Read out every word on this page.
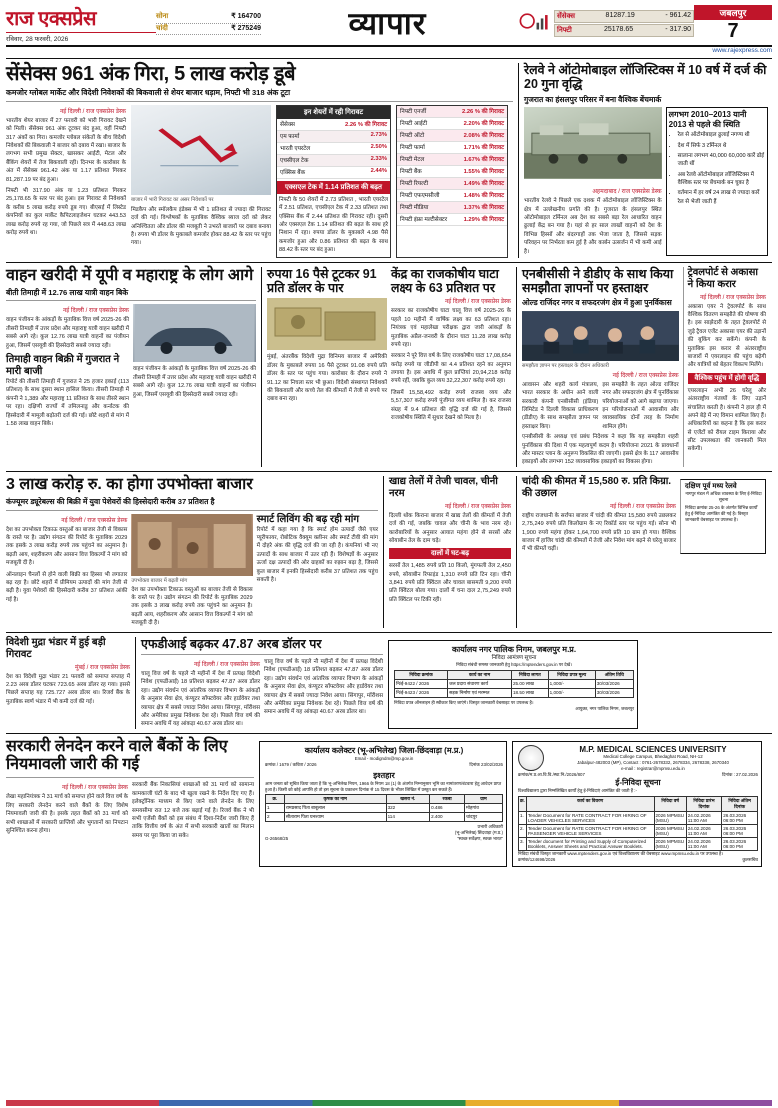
राज एक्सप्रेस
रविवार, 28 फरवरी, 2026
सोना	₹ 164700
चांदी	₹ 275249	व्यापार	सेंसेक्स	81287.19	- 961.42
निफ्टी	25178.65	- 317.90
जबलपुर
7
www.rajexpress.com
सेंसेक्स 961 अंक गिरा, 5 लाख करोड़ डूबे
कमजोर ग्लोबल मार्केट और विदेशी निवेशकों की बिकवाली से शेयर बाजार धड़ाम, निफ्टी भी 318 अंक टूटा
नई दिल्ली / राज एक्सप्रेस डेस्क
भारतीय शेयर बाजार में 27 फरवरी को भारी गिरावट देखने को मिली। सेंसेक्स 961 अंक टूटकर बंद हुआ, वहीं निफ्टी 317 अंकों का गिरा। कमजोर ग्लोबल संकेतों के बीच विदेशी निवेशकों की बिकवाली ने बाजार को दबाव में रखा। बाजार के लगभग सभी प्रमुख सेक्टर, खासकर आईटी, मेटल और बैंकिंग शेयरों में तेज बिकवाली रही। दिनभर के कारोबार के अंत में सेंसेक्स 961.42 अंक या 1.17 प्रतिशत गिरकर 81,287.19 पर बंद हुआ।
निफ्टी भी 317.90 अंक या 1.23 प्रतिशत गिरकर 25,178.65 के स्तर पर बंद हुआ। इस गिरावट से निवेशकों के करीब 5 लाख करोड़ रुपये डूब गए। बीएसई में लिस्टेड कंपनियों का कुल मार्केट कैपिटलाइजेशन घटकर 443.53 लाख करोड़ रुपये रह गया, जो पिछले सत्र में 448.63 लाख करोड़ रुपये था।
बाजार में भारी गिरावट का असर निवेशकों पर
मिडकैप और स्मॉलकैप इंडेक्स में भी 1 प्रतिशत से ज्यादा की गिरावट दर्ज की गई। विश्लेषकों के मुताबिक वैश्विक ब्याज दरों को लेकर अनिश्चितता और डॉलर की मजबूती ने उभरते बाजारों पर दबाव बनाया है। रुपया भी डॉलर के मुकाबले कमजोर होकर 88.42 के स्तर पर पहुंच गया।
इन शेयरों में रही गिरावट
सेंसेक्स	2.26 % की गिरावट
एम फार्मा	2.73%
भारती एयरटेल	2.50%
एचसीएल टेक	2.33%
एक्सिस बैंक	2.44%
एक्सएल टेक में 1.14 प्रतिशत की बढ़त
निफ्टी के 50 शेयरों में 2.73 प्रतिशत , भारती एयरटेल में 2.51 प्रतिशत, एचसीएल टेक में 2.33 प्रतिशत तथा एक्सिस बैंक में 2.44 प्रतिशत की गिरावट रही। दूसरी ओर एक्सएल टेक 1.14 प्रतिशत की बढ़त के साथ हरे निशान में रहा। रुपया डॉलर के मुकाबले 4.98 पैसे कमजोर हुआ और 0.86 प्रतिशत की बढ़त के साथ 88.42 के स्तर पर बंद हुआ।
निफ्टी एनर्जी	2.26 % की गिरावट
निफ्टी आईटी	2.20% की गिरावट
निफ्टी ऑटो	2.08% की गिरावट
निफ्टी फार्मा	1.71% की गिरावट
निफ्टी मेटल	1.67% की गिरावट
निफ्टी बैंक	1.55% की गिरावट
निफ्टी रियल्टी	1.49% की गिरावट
निफ्टी एफएमसीजी	1.48% की गिरावट
निफ्टी मीडिया	1.37% की गिरावट
निफ्टी इंफ्रा मल्टीसेक्टर	1.29% की गिरावट
रेलवे ने ऑटोमोबाइल लॉजिस्टिक्स में 10 वर्ष में दर्ज की 20 गुना वृद्धि
गुजरात का हंसलपुर परिसर में बना वैश्विक बेंचमार्क

अहमदाबाद / राज एक्सप्रेस डेस्क
भारतीय रेलवे ने पिछले एक दशक में ऑटोमोबाइल लॉजिस्टिक्स के क्षेत्र में उल्लेखनीय प्रगति की है। गुजरात के हंसलपुर स्थित ऑटोमोबाइल टर्मिनल अब देश का सबसे बड़ा रेल आधारित वाहन ढुलाई केंद्र बन गया है। यहां से हर साल लाखों वाहनों को देश के विभिन्न हिस्सों और बंदरगाहों तक भेजा जाता है, जिससे सड़क परिवहन पर निर्भरता कम हुई है और कार्बन उत्सर्जन में भी कमी आई है।
लगभग 2010–2013 यानी 2013 से पहले की स्थिति
• रेल से ऑटोमोबाइल ढुलाई नगण्य थी
• देश में सिर्फ 3 टर्मिनल थे
• सालाना लगभग 40,000 60,000 कारें ढोई जाती थीं
• अब रेलवे ऑटोमोबाइल लॉजिस्टिक्स में वैश्विक स्तर पर बेंचमार्क बन चुका है
• वर्तमान में हर वर्ष 24 लाख से ज्यादा कारें रेल से भेजी जाती हैं
वाहन खरीदी में यूपी व महाराष्ट्र के लोग आगे
बीती तिमाही में 12.76 लाख यात्री वाहन बिके
नई दिल्ली / राज एक्सप्रेस डेस्क
वाहन पंजीयन के आंकड़ों के मुताबिक वित्त वर्ष 2025-26 की तीसरी तिमाही में उत्तर प्रदेश और महाराष्ट्र यात्री वाहन खरीदी में सबसे आगे रहे। कुल 12.76 लाख यात्री वाहनों का पंजीयन हुआ, जिसमें एसयूवी की हिस्सेदारी सबसे ज्यादा रही।
तिमाही वाहन बिक्री में गुजरात ने मारी बाजी
रिपोर्ट की तीसरी तिमाही में गुजरात ने 25 हजार इकाई (113 प्रतिशत) के साथ दूसरा स्थान हासिल किया। तीसरी तिमाही में कंपनी ने 1,389 और महाराष्ट्र 11 प्रतिशत के साथ तीसरे स्थान पर रहा। दक्षिणी राज्यों में तमिलनाडु और कर्नाटक की हिस्सेदारी में मामूली बढ़ोतरी दर्ज की गई। छोटे शहरों से मांग में 1.58 लाख वाहन बिके।
वाहन पंजीयन के आंकड़ों के मुताबिक वित्त वर्ष 2025-26 की तीसरी तिमाही में उत्तर प्रदेश और महाराष्ट्र यात्री वाहन खरीदी में सबसे आगे रहे। कुल 12.76 लाख यात्री वाहनों का पंजीयन हुआ, जिसमें एसयूवी की हिस्सेदारी सबसे ज्यादा रही।
रुपया 16 पैसे टूटकर 91 प्रति डॉलर के पार
मुंबई, अंतरबैंक विदेशी मुद्रा विनिमय बाजार में अमेरिकी डॉलर के मुकाबले रुपया 16 पैसे टूटकर 91.08 रुपये प्रति डॉलर के स्तर पर पहुंच गया। कारोबार के दौरान रुपये ने 91.12 का निचला स्तर भी छुआ। विदेशी संस्थागत निवेशकों की बिकवाली और कच्चे तेल की कीमतों में तेजी से रुपये पर दबाव बना रहा।
केंद्र का राजकोषीय घाटा लक्ष्य के 63 प्रतिशत पर
नई दिल्ली / राज एक्सप्रेस डेस्क
सरकार का राजकोषीय घाटा चालू वित्त वर्ष 2025-26 के पहले 10 महीनों में वार्षिक लक्ष्य का 63 प्रतिशत रहा। नियंत्रक एवं महालेखा परीक्षक द्वारा जारी आंकड़ों के मुताबिक अप्रैल-जनवरी के दौरान घाटा 11.28 लाख करोड़ रुपये रहा।
सरकार ने पूरे वित्त वर्ष के लिए राजकोषीय घाटा 17,08,654 करोड़ रुपये या जीडीपी का 4.4 प्रतिशत रहने का अनुमान लगाया है। इस अवधि में कुल प्राप्तियां 20,94,218 करोड़ रुपये रहीं, जबकि कुल व्यय 32,22,307 करोड़ रुपये रहा।
जिसमें 15,58,492 करोड़ रुपये राजस्व व्यय और 5,57,307 करोड़ रुपये पूंजीगत व्यय शामिल है। कर राजस्व संग्रह में 9.4 प्रतिशत की वृद्धि दर्ज की गई है, जिससे राजकोषीय स्थिति में सुधार देखने को मिला है।
एनबीसीसी ने डीडीए के साथ किया समझौता ज्ञापनों पर हस्ताक्षर
ओल्ड राजिंदर नगर व सफदरजंग क्षेत्र में हुआ पुनर्विकास
समझौता ज्ञापन पर हस्ताक्षर के दौरान अधिकारी
नई दिल्ली / राज एक्सप्रेस डेस्क
आवासन और शहरी कार्य मंत्रालय, भारत सरकार के अधीन आने वाली सरकारी कंपनी एनबीसीसी (इंडिया) लिमिटेड ने दिल्ली विकास प्राधिकरण (डीडीए) के साथ समझौता ज्ञापन पर हस्ताक्षर किए।
इस समझौते के तहत ओल्ड राजिंदर नगर और सफदरजंग क्षेत्र में पुनर्विकास परियोजनाओं को आगे बढ़ाया जाएगा। इन परियोजनाओं में आवासीय और व्यावसायिक दोनों तरह के निर्माण शामिल होंगे।
एनबीसीसी के अध्यक्ष एवं प्रबंध निदेशक ने कहा कि यह समझौता शहरी पुनर्विकास की दिशा में एक महत्वपूर्ण कदम है। परियोजना 2021 के प्रावधानों और मास्टर प्लान के अनुरूप विकसित की जाएगी। इससे क्षेत्र के 117 आवासीय इकाइयों और लगभग 152 व्यावसायिक इकाइयों का विकास होगा।
ट्रेवलपोर्ट से अकासा ने किया करार
नई दिल्ली / राज एक्सप्रेस डेस्क
अकासा एयर ने ट्रेवलपोर्ट के साथ वैश्विक वितरण समझौते की घोषणा की है। इस साझेदारी के तहत ट्रेवलपोर्ट से जुड़े ट्रैवल एजेंट अकासा एयर की उड़ानों की बुकिंग कर सकेंगे। कंपनी के मुताबिक इस करार से अंतरराष्ट्रीय बाजारों में एयरलाइन की पहुंच बढ़ेगी और यात्रियों को बेहतर विकल्प मिलेंगे।
वैश्विक पहुंच में होगी वृद्धि
एयरलाइन अभी 26 घरेलू और अंतरराष्ट्रीय गंतव्यों के लिए उड़ानें संचालित करती है। कंपनी ने हाल ही में अपने बेड़े में नए विमान शामिल किए हैं। अधिकारियों का कहना है कि इस करार से एजेंटों को रीयल टाइम किराया और सीट उपलब्धता की जानकारी मिल सकेगी।
3 लाख करोड़ रु. का होगा उपभोक्ता बाजार
कंज्यूमर ड्यूरेबल्स की बिक्री में युवा पेशेवरों की हिस्सेदारी करीब 37 प्रतिशत है
नई दिल्ली / राज एक्सप्रेस डेस्क
देश का उपभोक्ता टिकाऊ वस्तुओं का बाजार तेजी से विकास के रास्ते पर है। उद्योग संगठन की रिपोर्ट के मुताबिक 2029 तक इसके 3 लाख करोड़ रुपये तक पहुंचने का अनुमान है। बढ़ती आय, शहरीकरण और आसान वित्त विकल्पों ने मांग को मजबूती दी है।
ऑनलाइन चैनलों से होने वाली बिक्री का हिस्सा भी लगातार बढ़ रहा है। छोटे शहरों में प्रीमियम उत्पादों की मांग तेजी से बढ़ी है। युवा पेशेवरों की हिस्सेदारी करीब 37 प्रतिशत आंकी गई है।
उपभोक्ता बाजार में बढ़ती मांग
देश का उपभोक्ता टिकाऊ वस्तुओं का बाजार तेजी से विकास के रास्ते पर है। उद्योग संगठन की रिपोर्ट के मुताबिक 2029 तक इसके 3 लाख करोड़ रुपये तक पहुंचने का अनुमान है। बढ़ती आय, शहरीकरण और आसान वित्त विकल्पों ने मांग को मजबूती दी है।
स्मार्ट लिविंग की बढ़ रही मांग
रिपोर्ट में कहा गया है कि स्मार्ट होम उत्पादों जैसे एयर प्यूरीफायर, रोबोटिक वैक्यूम क्लीनर और स्मार्ट टीवी की मांग में दोहरे अंक की वृद्धि दर्ज की जा रही है। कंपनियां भी नए उत्पादों के साथ बाजार में उतर रही हैं। विशेषज्ञों के अनुसार ऊर्जा दक्ष उत्पादों की ओर ग्राहकों का रुझान बढ़ा है, जिससे कुल बाजार में इनकी हिस्सेदारी करीब 37 प्रतिशत तक पहुंच सकती है।
खाद्य तेलों में तेजी चावल, चीनी नरम
नई दिल्ली / राज एक्सप्रेस डेस्क
दिल्ली थोक किराना बाजार में खाद्य तेलों की कीमतों में तेजी दर्ज की गई, जबकि चावल और चीनी के भाव नरम रहे। कारोबारियों के अनुसार आयात महंगा होने से सरसों और सोयाबीन तेल के दाम चढ़े।
दालों में घट-बढ़
सरसों तेल 1,485 रुपये प्रति 10 किलो, मूंगफली तेल 2,450 रुपये, सोयाबीन रिफाइंड 1,310 रुपये प्रति टिन रहा। चीनी 3,841 रुपये प्रति क्विंटल और चावल बासमती 9,200 रुपये प्रति क्विंटल बोला गया। दालों में चना दाल 2,75,249 रुपये प्रति क्विंटल पर टिकी रही।
चांदी की कीमत में 15,580 रु. प्रति किग्रा. की उछाल
नई दिल्ली / राज एक्सप्रेस डेस्क
राष्ट्रीय राजधानी के सर्राफा बाजार में चांदी की कीमत 15,580 रुपये उछलकर 2,75,249 रुपये प्रति किलोग्राम के नए रिकॉर्ड स्तर पर पहुंच गई। सोना भी 1,900 रुपये महंगा होकर 1,64,700 रुपये प्रति 10 ग्राम हो गया। वैश्विक बाजार में हाजिर चांदी की कीमतों में तेजी और निवेश मांग बढ़ने से घरेलू बाजार में भी कीमतें चढ़ीं।
दक्षिण पूर्व मध्य रेलवे
नागपुर मंडल में अधिक व्यवस्था के लिए ई-निविदा सूचना
निविदा क्रमांक 25-26 के अंतर्गत विभिन्न कार्यों हेतु ई-निविदा आमंत्रित की गई है। विस्तृत जानकारी वेबसाइट पर उपलब्ध है।
विदेशी मुद्रा भंडार में हुई बड़ी गिरावट
मुंबई / राज एक्सप्रेस डेस्क
देश का विदेशी मुद्रा भंडार 21 फरवरी को समाप्त सप्ताह में 2.23 अरब डॉलर घटकर 723.65 अरब डॉलर रह गया। इससे पिछले सप्ताह यह 725.727 अरब डॉलर था। रिजर्व बैंक के मुताबिक स्वर्ण भंडार में भी कमी दर्ज की गई।
एफडीआई बढ़कर 47.87 अरब डॉलर पर
नई दिल्ली / राज एक्सप्रेस डेस्क
चालू वित्त वर्ष के पहले नौ महीनों में देश में प्रत्यक्ष विदेशी निवेश (एफडीआई) 18 प्रतिशत बढ़कर 47.87 अरब डॉलर रहा। उद्योग संवर्धन एवं आंतरिक व्यापार विभाग के आंकड़ों के अनुसार सेवा क्षेत्र, कंप्यूटर सॉफ्टवेयर और हार्डवेयर तथा व्यापार क्षेत्र में सबसे ज्यादा निवेश आया। सिंगापुर, मॉरीशस और अमेरिका प्रमुख निवेशक देश रहे। पिछले वित्त वर्ष की समान अवधि में यह आंकड़ा 40.67 अरब डॉलर था।
चालू वित्त वर्ष के पहले नौ महीनों में देश में प्रत्यक्ष विदेशी निवेश (एफडीआई) 18 प्रतिशत बढ़कर 47.87 अरब डॉलर रहा। उद्योग संवर्धन एवं आंतरिक व्यापार विभाग के आंकड़ों के अनुसार सेवा क्षेत्र, कंप्यूटर सॉफ्टवेयर और हार्डवेयर तथा व्यापार क्षेत्र में सबसे ज्यादा निवेश आया। सिंगापुर, मॉरीशस और अमेरिका प्रमुख निवेशक देश रहे। पिछले वित्त वर्ष की समान अवधि में यह आंकड़ा 40.67 अरब डॉलर था।
कार्यालय नगर पालिक निगम, जबलपुर म.प्र.
निविदा आमंत्रण सूचना
निविदा संबंधी समस्त जानकारी हेतु https://mptenders.gov.in पर देखें।
निविदा क्रमांक	कार्य का नाम	निविदा लागत	निविदा प्रपत्र मूल्य	अंतिम तिथि
नि/ई-9422 / 2026	जल प्रदाय संधारण कार्य	25.00 लाख	1,000/-	30/03/2026
नि/ई-9423 / 2026	सड़क निर्माण एवं मरम्मत	18.50 लाख	1,000/-	30/03/2026
निविदा प्रपत्र ऑनलाइन ही स्वीकार किए जाएंगे। विस्तृत जानकारी वेबसाइट पर उपलब्ध है।
आयुक्त, नगर पालिक निगम, जबलपुर
सरकारी लेनदेन करने वाले बैंकों के लिए नियमावली जारी की गई
नई दिल्ली / राज एक्सप्रेस डेस्क
लेखा महानियंत्रक ने 31 मार्च को समाप्त होने वाले वित्त वर्ष के लिए सरकारी लेनदेन करने वाले बैंकों के लिए विशेष नियमावली जारी की है। इसके तहत बैंकों को 31 मार्च को सभी शाखाओं में सरकारी प्राप्तियों और भुगतानों का निपटान सुनिश्चित करना होगा।
सरकारी बैंक निकासियां शाखाओं को 31 मार्च को सामान्य कामकाजी घंटों के बाद भी खुला रखने के निर्देश दिए गए हैं। इलेक्ट्रॉनिक माध्यम से किए जाने वाले लेनदेन के लिए समयसीमा रात 12 बजे तक बढ़ाई गई है। रिजर्व बैंक ने भी सभी एजेंसी बैंकों को इस संबंध में दिशा-निर्देश जारी किए हैं ताकि वित्तीय वर्ष के अंत में सभी सरकारी खातों का मिलान समय पर पूरा किया जा सके।
कार्यालय कलेक्टर (भू-अभिलेख) जिला-छिंदवाड़ा (म.प्र.)
Email - modigndm@mp.gov.in
क्रमांक / 1679 / कविता / 2026	दिनांक 23/02/2026
इश्तहार
आम जनता को सूचित किया जाता है कि भू-अभिलेख नियम, 1966 के नियम 18 (1) के अंतर्गत निम्नानुसार भूमि का नामांतरण/बंटवारा हेतु आवेदन प्राप्त हुआ है। किसी को कोई आपत्ति हो तो इस सूचना के प्रकाशन दिनांक से 15 दिवस के भीतर लिखित में प्रस्तुत कर सकते हैं।
क्र.	कृषक का नाम	खसरा नं.	रकबा	ग्राम
1	रामप्रसाद पिता बाबूलाल	322	0.486	मोहगांव
2	सीताराम पिता घनश्याम	114	2.400	चांदपुर
प्रभारी अधिकारी
(भू-अभिलेख) छिंदवाड़ा (म.प्र.)
G-26568/25	"स्वच्छ सर्वेक्षण, स्वच्छ भारत"
M.P. MEDICAL SCIENCES UNIVERSITY
Medical College Campus, Bhedaghat Road, NH-12
Jabalpur-482003 (MP), Contact : 0761-2678332, 2678334, 2678338, 2670340
e-mail : registrar@mpmsu.edu.in
क्रमांक/म.प्र.आ.वि.वि./स्था.नि./2026/807	दिनांक : 27.02.2026
ई-निविदा सूचना
विश्वविद्यालय द्वारा निम्नलिखित कार्यों हेतु ई-निविदाएं आमंत्रित की जाती हैं :-
क्र.	कार्य का विवरण	निविदा वर्ष	निविदा प्रारंभ दिनांक	निविदा अंतिम दिनांक
1.	Tender Document for RATE CONTRACT FOR HIRING OF LOADER VEHICLES SERVICES	2026 MPMSU (MSU)	24.02.2026 11:00 AM	26.03.2026 06:00 PM
2.	Tender Document for RATE CONTRACT FOR HIRING OF PASSENGER VEHICLE SERVICES	2026 MPMSU (MSU)	24.02.2026 11:00 AM	26.03.2026 06:00 PM
3.	Tender document for Printing and Supply of Computerized Booklets, Answer Sheets and Practical Answer Booklets.	2026 MPMSU (MSU)	24.02.2026 11:00 AM	26.03.2026 06:00 PM
निविदा संबंधी विस्तृत जानकारी www.mptenders.gov.in एवं विश्वविद्यालय की वेबसाइट www.mpmsu.edu.in पर उपलब्ध है।
क्रमांक/124698/2026	कुलसचिव
